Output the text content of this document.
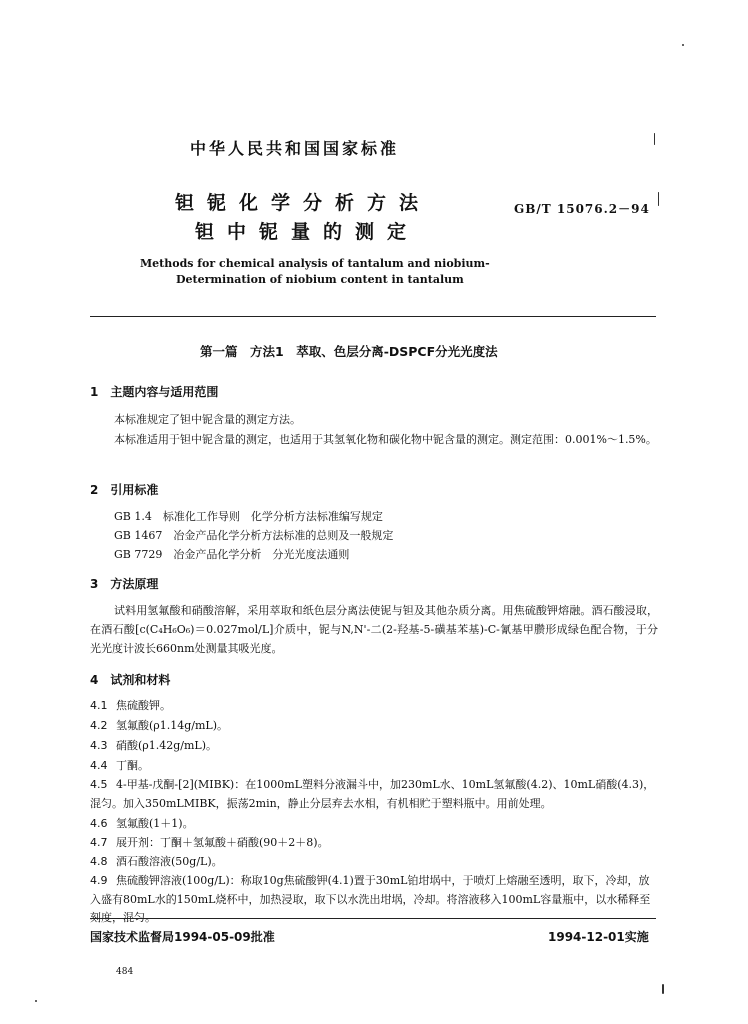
中华人民共和国国家标准
钽铌化学分析方法
钽中铌量的测定
GB/T 15076.2－94
Methods for chemical analysis of tantalum and niobium-
Determination of niobium content in tantalum
第一篇　方法1　萃取、色层分离-DSPCF分光光度法
1　主题内容与适用范围
本标准规定了钽中铌含量的测定方法。
本标准适用于钽中铌含量的测定，也适用于其氢氧化物和碳化物中铌含量的测定。测定范围：0.001%～1.5%。
2　引用标准
GB 1.4　标准化工作导则　化学分析方法标准编写规定
GB 1467　冶金产品化学分析方法标准的总则及一般规定
GB 7729　冶金产品化学分析　分光光度法通则
3　方法原理
试料用氢氟酸和硝酸溶解，采用萃取和纸色层分离法使铌与钽及其他杂质分离。用焦硫酸钾熔融。酒石酸浸取，在酒石酸[c(C₄H₆O₆)＝0.027mol/L]介质中，铌与N,N'-二(2-羟基-5-磺基苯基)-C-氰基甲臜形成绿色配合物，于分光光度计波长660nm处测量其吸光度。
4　试剂和材料
4.1 焦硫酸钾。
4.2 氢氟酸(ρ1.14g/mL)。
4.3 硝酸(ρ1.42g/mL)。
4.4 丁酮。
4.5 4-甲基-戊酮-[2](MIBK)：在1000mL塑料分液漏斗中，加230mL水、10mL氢氟酸(4.2)、10mL硝酸(4.3)，混匀。加入350mLMIBK，振荡2min，静止分层弃去水相，有机相贮于塑料瓶中。用前处理。
4.6 氢氟酸(1＋1)。
4.7 展开剂：丁酮＋氢氟酸＋硝酸(90＋2＋8)。
4.8 酒石酸溶液(50g/L)。
4.9 焦硫酸钾溶液(100g/L)：称取10g焦硫酸钾(4.1)置于30mL铂坩埚中，于喷灯上熔融至透明，取下，冷却，放入盛有80mL水的150mL烧杯中，加热浸取，取下以水洗出坩埚，冷却。将溶液移入100mL容量瓶中，以水稀释至刻度，混匀。
国家技术监督局1994-05-09批准	1994-12-01实施
484
